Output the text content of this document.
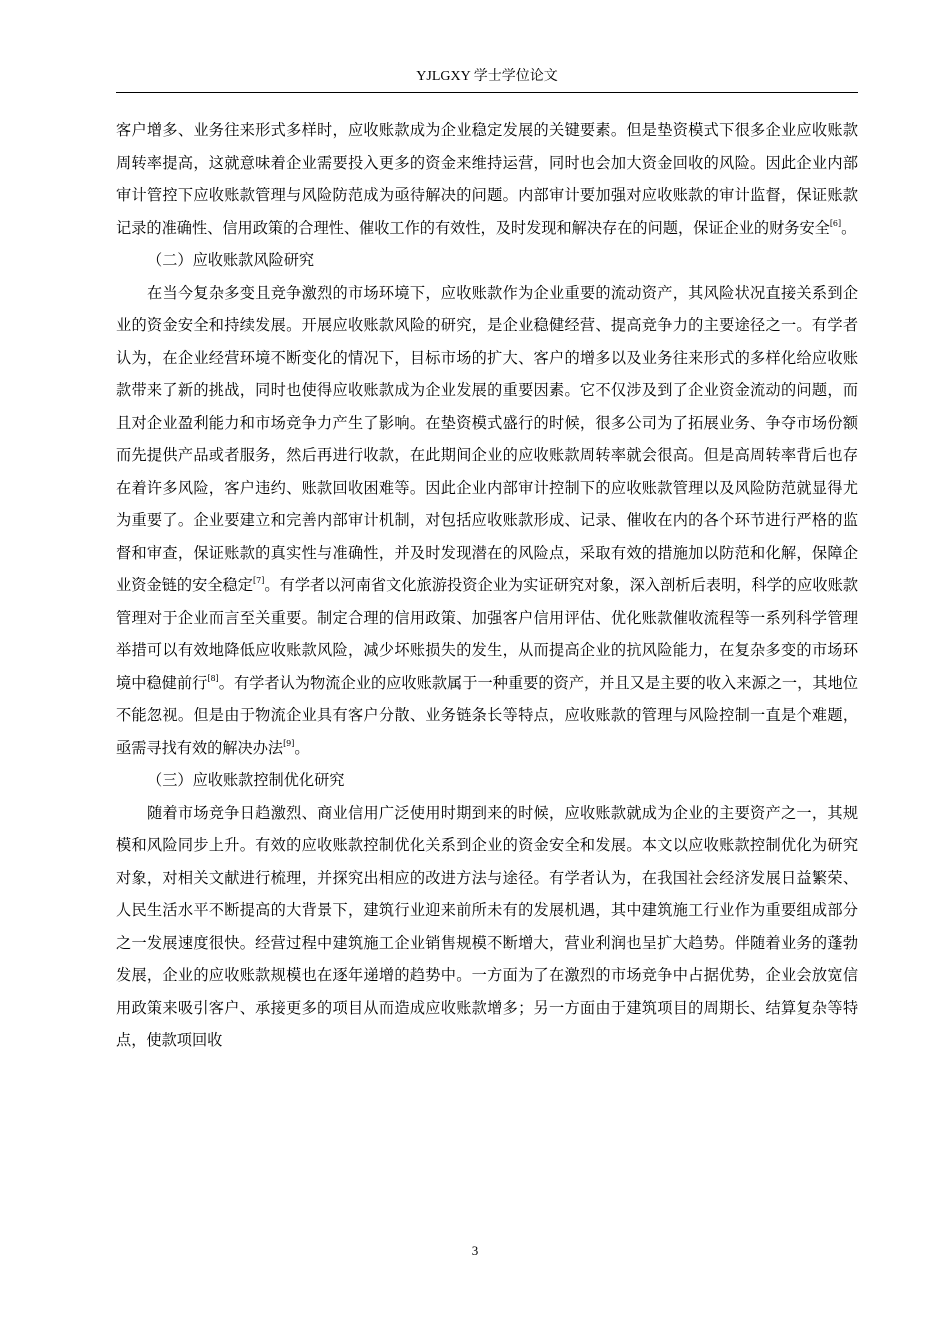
YJLGXY 学士学位论文

客户增多、业务往来形式多样时，应收账款成为企业稳定发展的关键要素。但是垫资模式下很多企业应收账款周转率提高，这就意味着企业需要投入更多的资金来维持运营，同时也会加大资金回收的风险。因此企业内部审计管控下应收账款管理与风险防范成为亟待解决的问题。内部审计要加强对应收账款的审计监督，保证账款记录的准确性、信用政策的合理性、催收工作的有效性，及时发现和解决存在的问题，保证企业的财务安全[6]。

（二）应收账款风险研究

在当今复杂多变且竞争激烈的市场环境下，应收账款作为企业重要的流动资产，其风险状况直接关系到企业的资金安全和持续发展。开展应收账款风险的研究，是企业稳健经营、提高竞争力的主要途径之一。有学者认为，在企业经营环境不断变化的情况下，目标市场的扩大、客户的增多以及业务往来形式的多样化给应收账款带来了新的挑战，同时也使得应收账款成为企业发展的重要因素。它不仅涉及到了企业资金流动的问题，而且对企业盈利能力和市场竞争力产生了影响。在垫资模式盛行的时候，很多公司为了拓展业务、争夺市场份额而先提供产品或者服务，然后再进行收款，在此期间企业的应收账款周转率就会很高。但是高周转率背后也存在着许多风险，客户违约、账款回收困难等。因此企业内部审计控制下的应收账款管理以及风险防范就显得尤为重要了。企业要建立和完善内部审计机制，对包括应收账款形成、记录、催收在内的各个环节进行严格的监督和审查，保证账款的真实性与准确性，并及时发现潜在的风险点，采取有效的措施加以防范和化解，保障企业资金链的安全稳定[7]。有学者以河南省文化旅游投资企业为实证研究对象，深入剖析后表明，科学的应收账款管理对于企业而言至关重要。制定合理的信用政策、加强客户信用评估、优化账款催收流程等一系列科学管理举措可以有效地降低应收账款风险，减少坏账损失的发生，从而提高企业的抗风险能力，在复杂多变的市场环境中稳健前行[8]。有学者认为物流企业的应收账款属于一种重要的资产，并且又是主要的收入来源之一，其地位不能忽视。但是由于物流企业具有客户分散、业务链条长等特点，应收账款的管理与风险控制一直是个难题，亟需寻找有效的解决办法[9]。

（三）应收账款控制优化研究

随着市场竞争日趋激烈、商业信用广泛使用时期到来的时候，应收账款就成为企业的主要资产之一，其规模和风险同步上升。有效的应收账款控制优化关系到企业的资金安全和发展。本文以应收账款控制优化为研究对象，对相关文献进行梳理，并探究出相应的改进方法与途径。有学者认为，在我国社会经济发展日益繁荣、人民生活水平不断提高的大背景下，建筑行业迎来前所未有的发展机遇，其中建筑施工行业作为重要组成部分之一发展速度很快。经营过程中建筑施工企业销售规模不断增大，营业利润也呈扩大趋势。伴随着业务的蓬勃发展，企业的应收账款规模也在逐年递增的趋势中。一方面为了在激烈的市场竞争中占据优势，企业会放宽信用政策来吸引客户、承接更多的项目从而造成应收账款增多；另一方面由于建筑项目的周期长、结算复杂等特点，使款项回收

3
